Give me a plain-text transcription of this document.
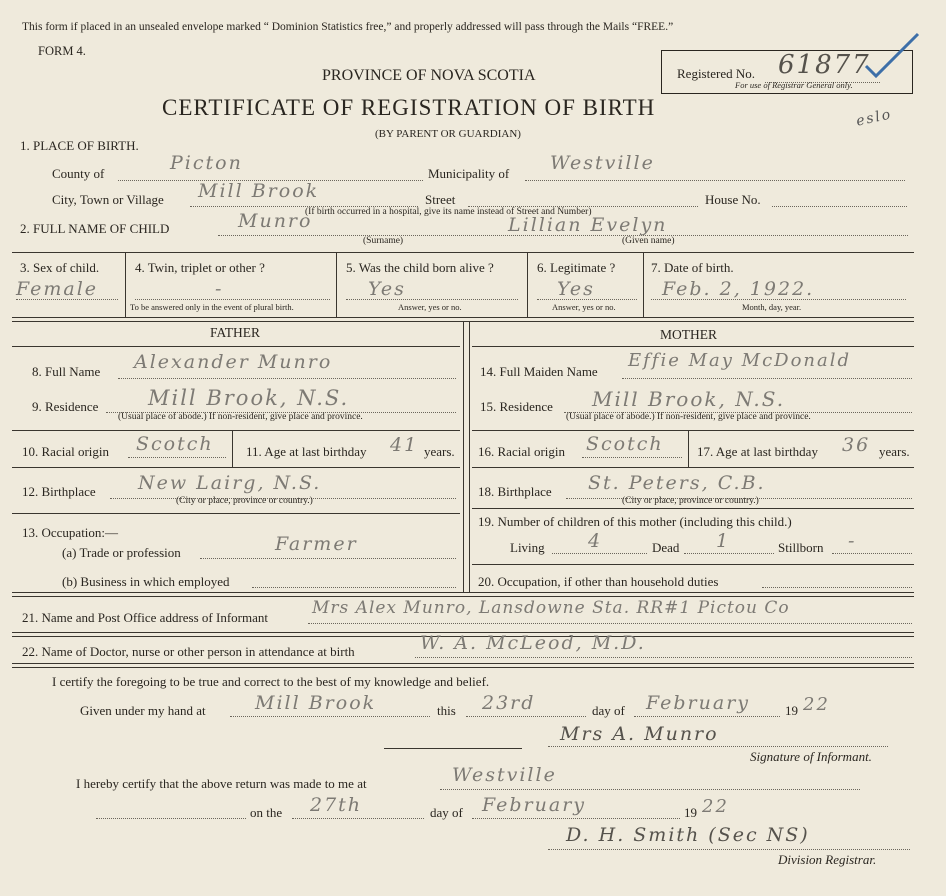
This form if placed in an unsealed envelope marked “ Dominion Statistics free,” and properly addressed will pass through the Mails “FREE.”
FORM 4.
PROVINCE OF NOVA SCOTIA
CERTIFICATE OF REGISTRATION OF BIRTH
(BY PARENT OR GUARDIAN)
Registered No. 61877
For use of Registrar General only.
eslo
1. PLACE OF BIRTH.
County of	Picton	Municipality of Westville
City, Town or Village Mill Brook	Street	House No.
(If birth occurred in a hospital, give its name instead of Street and Number)
2. FULL NAME OF CHILD	Munro	Lillian Evelyn
(Surname)	(Given name)
3. Sex of child.
Female
4. Twin, triplet or other ?
-
To be answered only in the event of plural birth.
5. Was the child born alive ?
Yes
Answer, yes or no.
6. Legitimate ?
Yes
Answer, yes or no.
7. Date of birth.
Feb. 2, 1922.
Month, day, year.
FATHER	MOTHER
8. Full Name Alexander Munro
9. Residence Mill Brook, N.S.
(Usual place of abode.) If non-resident, give place and province.
10. Racial origin Scotch 11. Age at last birthday 41 years.
12. Birthplace New Lairg, N.S.
(City or place, province or country.)
13. Occupation:—
(a) Trade or profession	Farmer
(b) Business in which employed
14. Full Maiden Name
Effie May McDonald
15. Residence Mill Brook, N.S.
(Usual place of abode.) If non-resident, give place and province.
16. Racial origin Scotch	17. Age at last birthday 36 years.
18. Birthplace St. Peters, C.B.
(City or place, province or country.)
19. Number of children of this mother (including this child.)
Living 4	Dead 1	Stillborn -
20. Occupation, if other than household duties
21. Name and Post Office address of Informant	Mrs Alex Munro, Lansdowne Sta. RR#1 Pictou Co
22. Name of Doctor, nurse or other person in attendance at birth	W. A. McLeod, M.D.
I certify the foregoing to be true and correct to the best of my knowledge and belief.
Given under my hand at	Mill Brook	this 23rd	day of February	19 22
Mrs A. Munro
Signature of Informant.
I hereby certify that the above return was made to me at	Westville
on the 27th	day of February	19 22
D. H. Smith (Sec NS)
Division Registrar.
